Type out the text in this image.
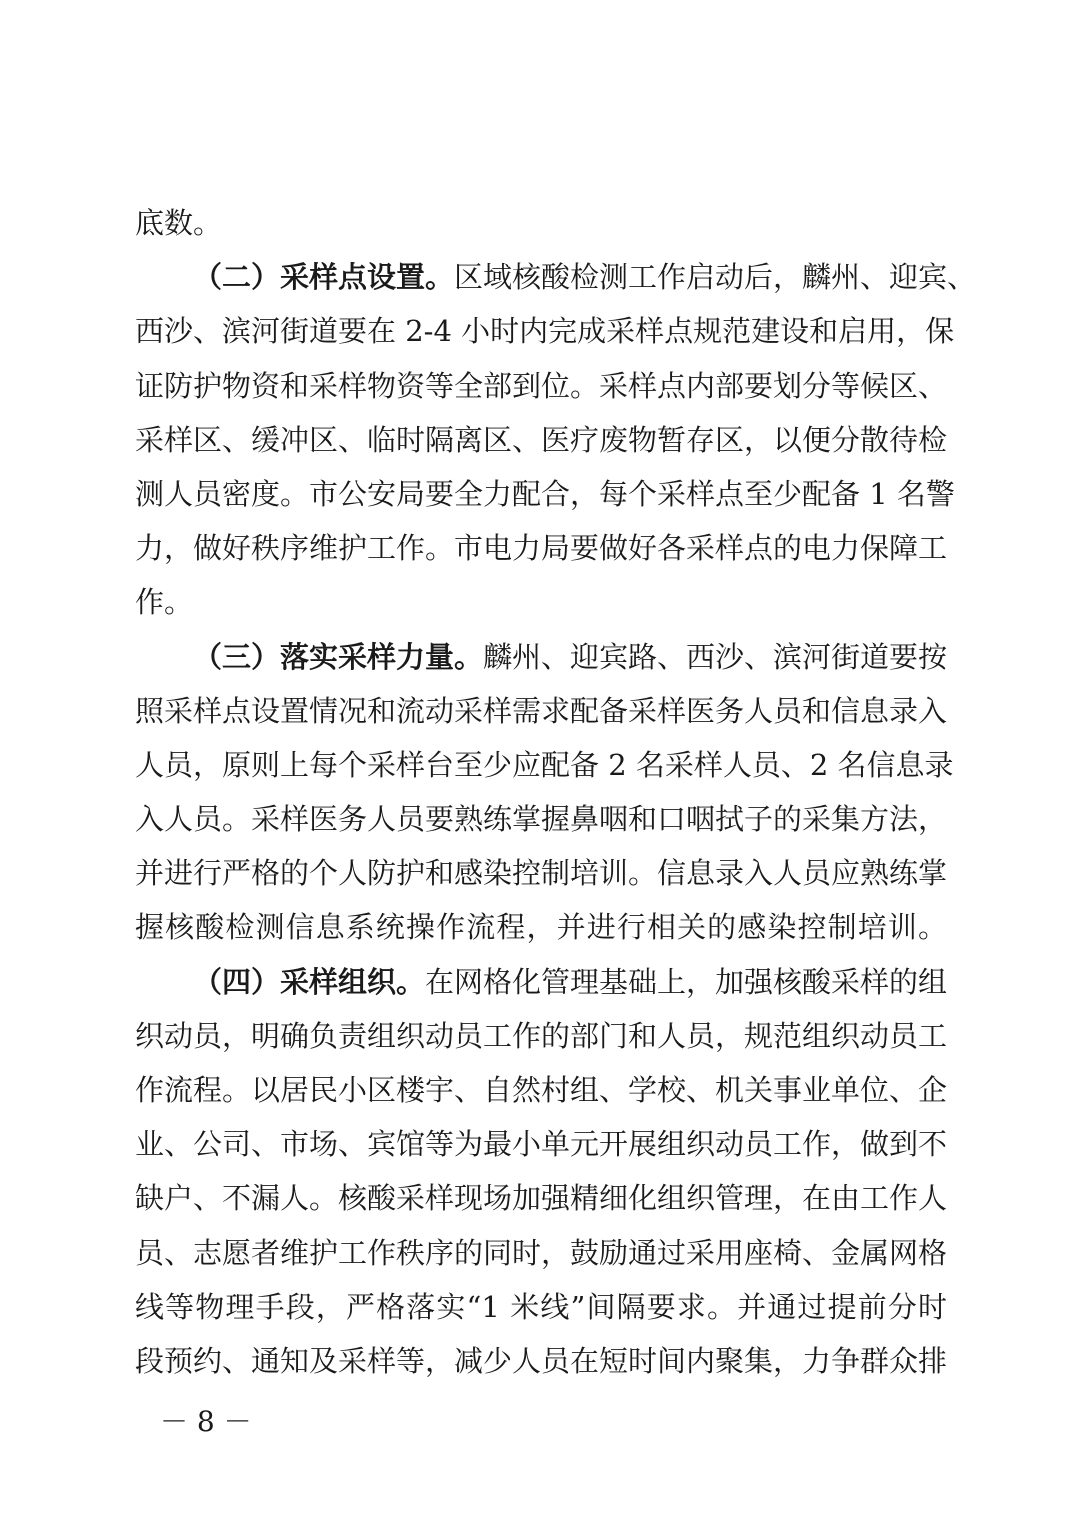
底数。
（二）采样点设置。区域核酸检测工作启动后，麟州、迎宾、
西沙、滨河街道要在 2-4 小时内完成采样点规范建设和启用，保
证防护物资和采样物资等全部到位。采样点内部要划分等候区、
采样区、缓冲区、临时隔离区、医疗废物暂存区，以便分散待检
测人员密度。市公安局要全力配合，每个采样点至少配备 1 名警
力，做好秩序维护工作。市电力局要做好各采样点的电力保障工
作。
（三）落实采样力量。麟州、迎宾路、西沙、滨河街道要按
照采样点设置情况和流动采样需求配备采样医务人员和信息录入
人员，原则上每个采样台至少应配备 2 名采样人员、2 名信息录
入人员。采样医务人员要熟练掌握鼻咽和口咽拭子的采集方法，
并进行严格的个人防护和感染控制培训。信息录入人员应熟练掌
握核酸检测信息系统操作流程，并进行相关的感染控制培训。
（四）采样组织。在网格化管理基础上，加强核酸采样的组
织动员，明确负责组织动员工作的部门和人员，规范组织动员工
作流程。以居民小区楼宇、自然村组、学校、机关事业单位、企
业、公司、市场、宾馆等为最小单元开展组织动员工作，做到不
缺户、不漏人。核酸采样现场加强精细化组织管理，在由工作人
员、志愿者维护工作秩序的同时，鼓励通过采用座椅、金属网格
线等物理手段，严格落实“1 米线”间隔要求。并通过提前分时
段预约、通知及采样等，减少人员在短时间内聚集，力争群众排
－ 8 －
